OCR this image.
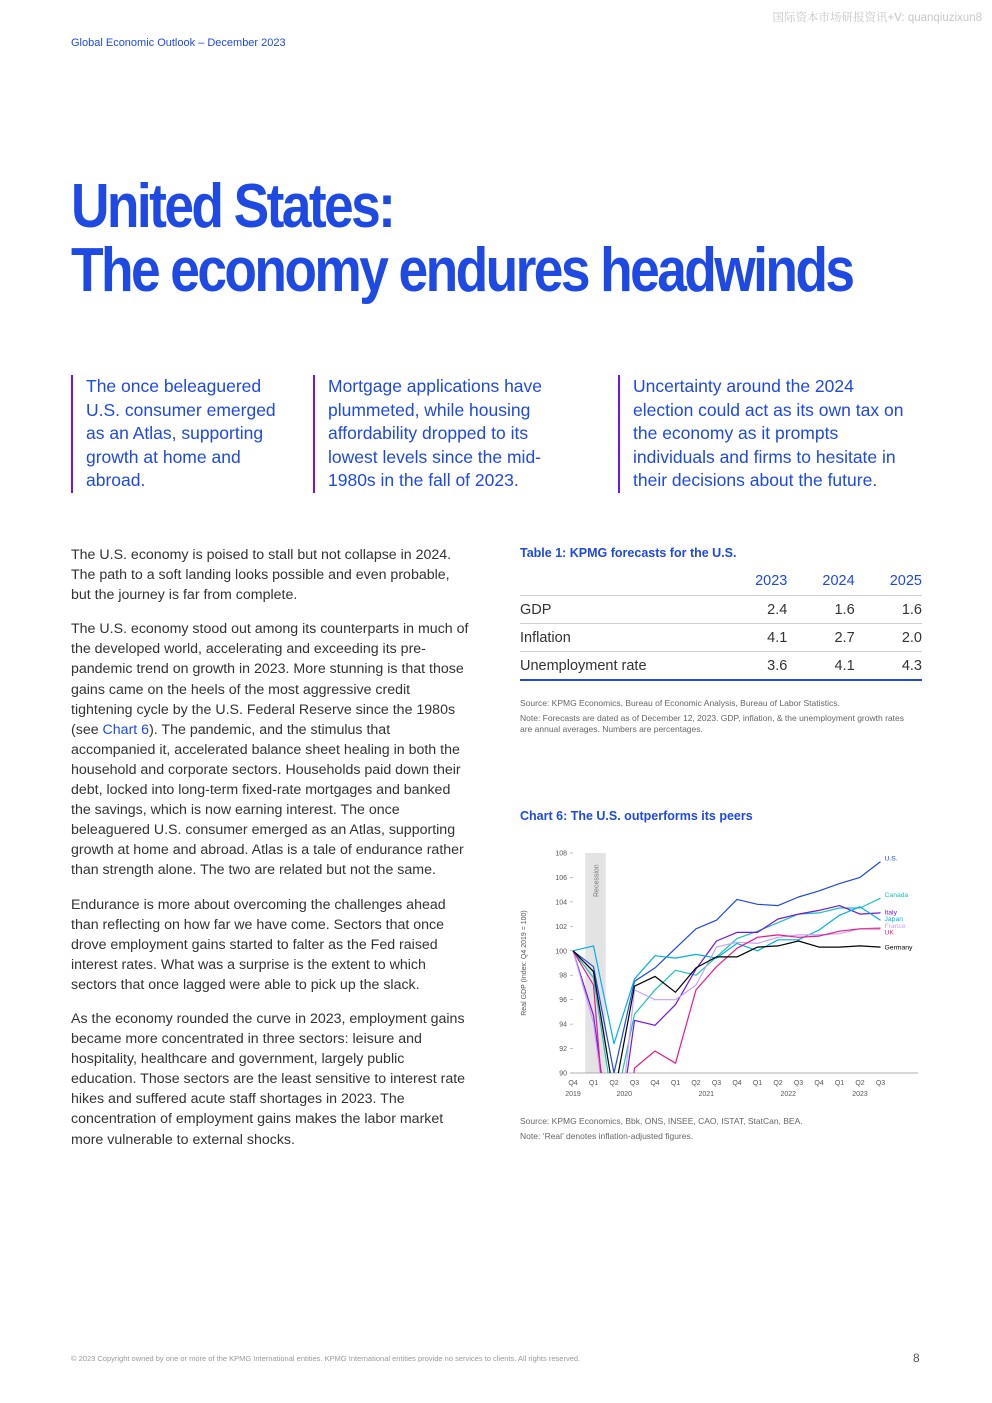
Global Economic Outlook – December 2023
国际资本市场研报资讯+V: quanqiuzixun8
United States:
The economy endures headwinds
The once beleaguered U.S. consumer emerged as an Atlas, supporting growth at home and abroad.
Mortgage applications have plummeted, while housing affordability dropped to its lowest levels since the mid-1980s in the fall of 2023.
Uncertainty around the 2024 election could act as its own tax on the economy as it prompts individuals and firms to hesitate in their decisions about the future.

The U.S. economy is poised to stall but not collapse in 2024. The path to a soft landing looks possible and even probable, but the journey is far from complete.

The U.S. economy stood out among its counterparts in much of the developed world, accelerating and exceeding its pre-pandemic trend on growth in 2023. More stunning is that those gains came on the heels of the most aggressive credit tightening cycle by the U.S. Federal Reserve since the 1980s (see Chart 6). The pandemic, and the stimulus that accompanied it, accelerated balance sheet healing in both the household and corporate sectors. Households paid down their debt, locked into long-term fixed-rate mortgages and banked the savings, which is now earning interest. The once beleaguered U.S. consumer emerged as an Atlas, supporting growth at home and abroad. Atlas is a tale of endurance rather than strength alone. The two are related but not the same.

Endurance is more about overcoming the challenges ahead than reflecting on how far we have come. Sectors that once drove employment gains started to falter as the Fed raised interest rates. What was a surprise is the extent to which sectors that once lagged were able to pick up the slack.

As the economy rounded the curve in 2023, employment gains became more concentrated in three sectors: leisure and hospitality, healthcare and government, largely public education. Those sectors are the least sensitive to interest rate hikes and suffered acute staff shortages in 2023. The concentration of employment gains makes the labor market more vulnerable to external shocks.

Table 1: KPMG forecasts for the U.S.
	2023	2024	2025
GDP	2.4	1.6	1.6
Inflation	4.1	2.7	2.0
Unemployment rate	3.6	4.1	4.3
Source: KPMG Economics, Bureau of Economic Analysis, Bureau of Labor Statistics.
Note: Forecasts are dated as of December 12, 2023. GDP, inflation, & the unemployment growth rates are annual averages. Numbers are percentages.
Chart 6: The U.S. outperforms its peers
Recession
90
92
94
96
98
100
102
104
106
108
Real GDP (Index: Q4 2019 = 100)
Q4 Q1 Q2 Q3 Q4 Q1 Q2 Q3 Q4 Q1 Q2 Q3 Q4 Q1 Q2 Q3
2019	2020	2021	2022	2023
U.S.
Canada
Italy
Japan
France
UK
Germany
Source: KPMG Economics, Bbk, ONS, INSEE, CAO, ISTAT, StatCan, BEA.
Note: ‘Real’ denotes inflation-adjusted figures.
© 2023 Copyright owned by one or more of the KPMG International entities. KPMG International entities provide no services to clients. All rights reserved.	8
